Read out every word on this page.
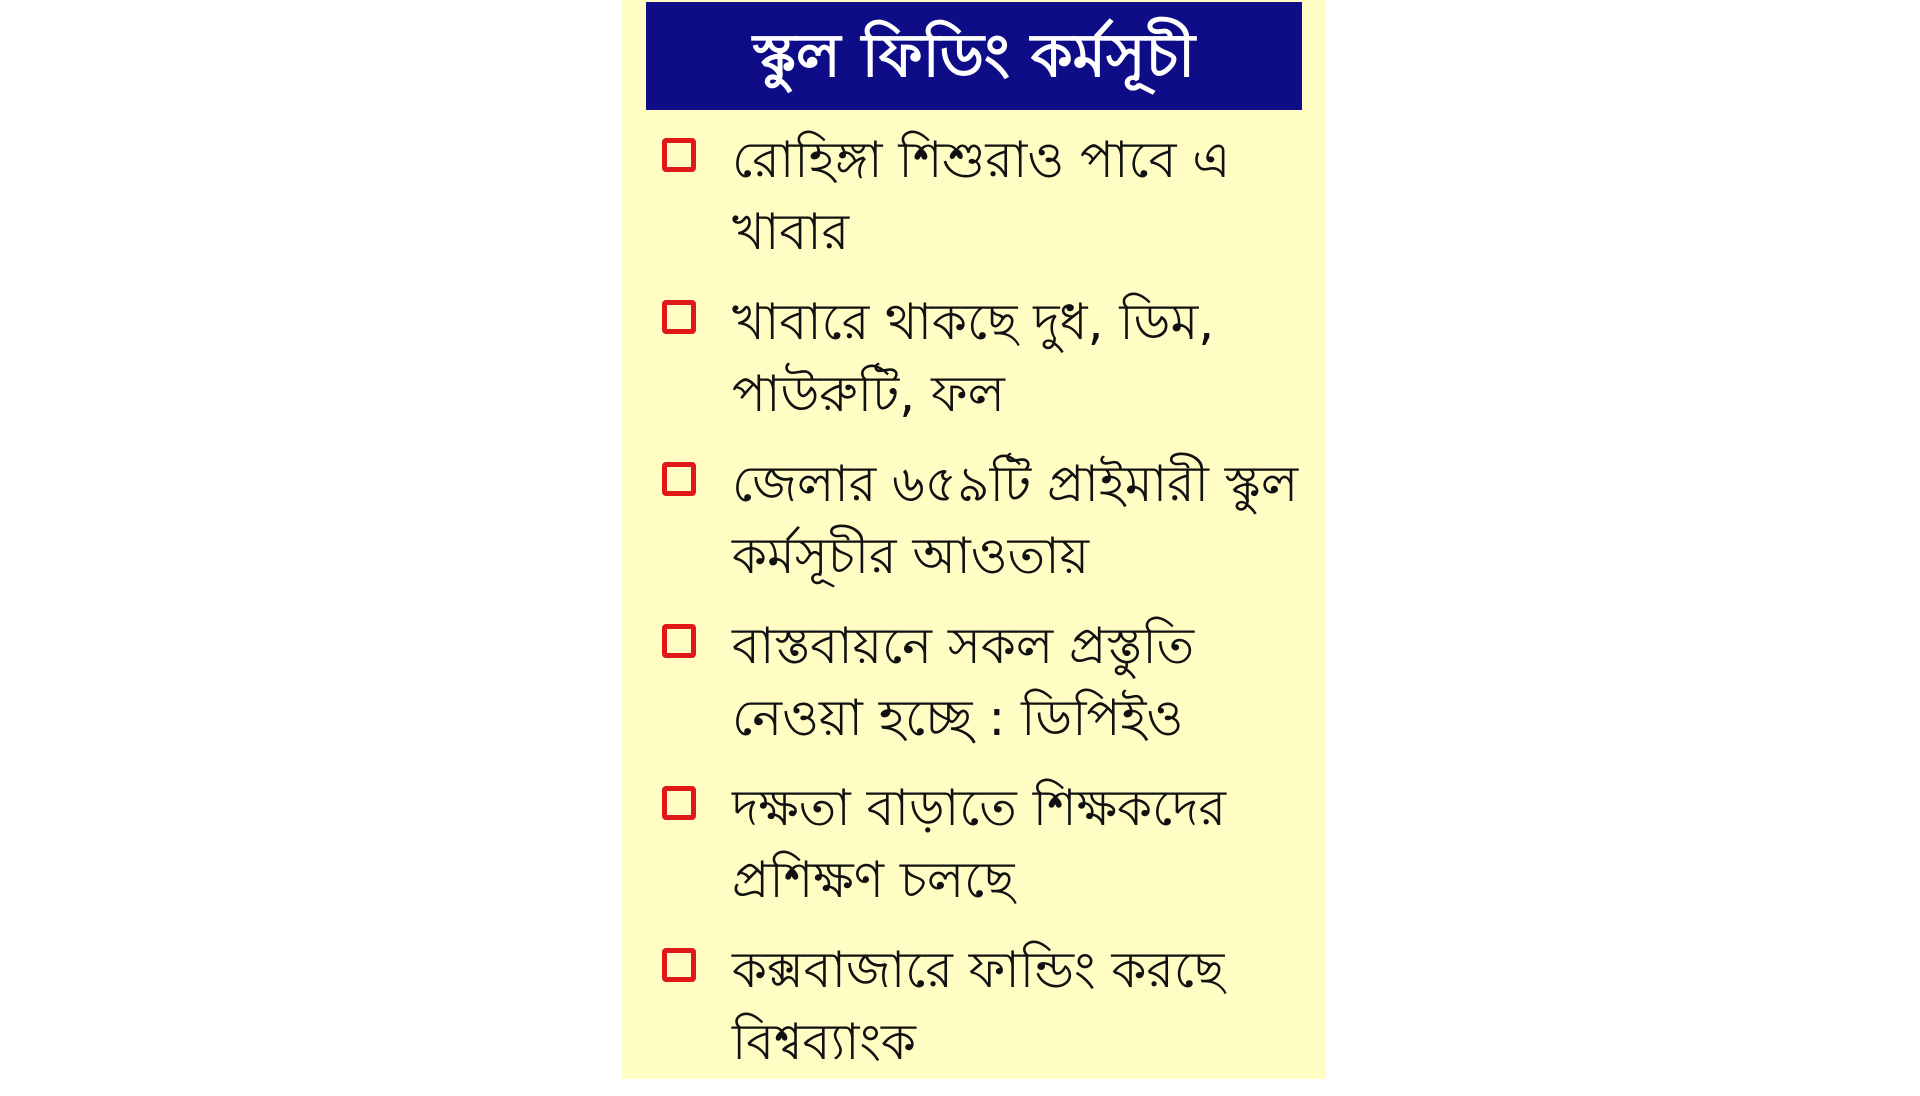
স্কুল ফিডিং কর্মসূচী
রোহিঙ্গা শিশুরাও পাবে এ খাবার
খাবারে থাকছে দুধ, ডিম, পাউরুটি, ফল
জেলার ৬৫৯টি প্রাইমারী স্কুল কর্মসূচীর আওতায়
বাস্তবায়নে সকল প্রস্তুতি নেওয়া হচ্ছে : ডিপিইও
দক্ষতা বাড়াতে শিক্ষকদের প্রশিক্ষণ চলছে
কক্সবাজারে ফান্ডিং করছে বিশ্বব্যাংক
